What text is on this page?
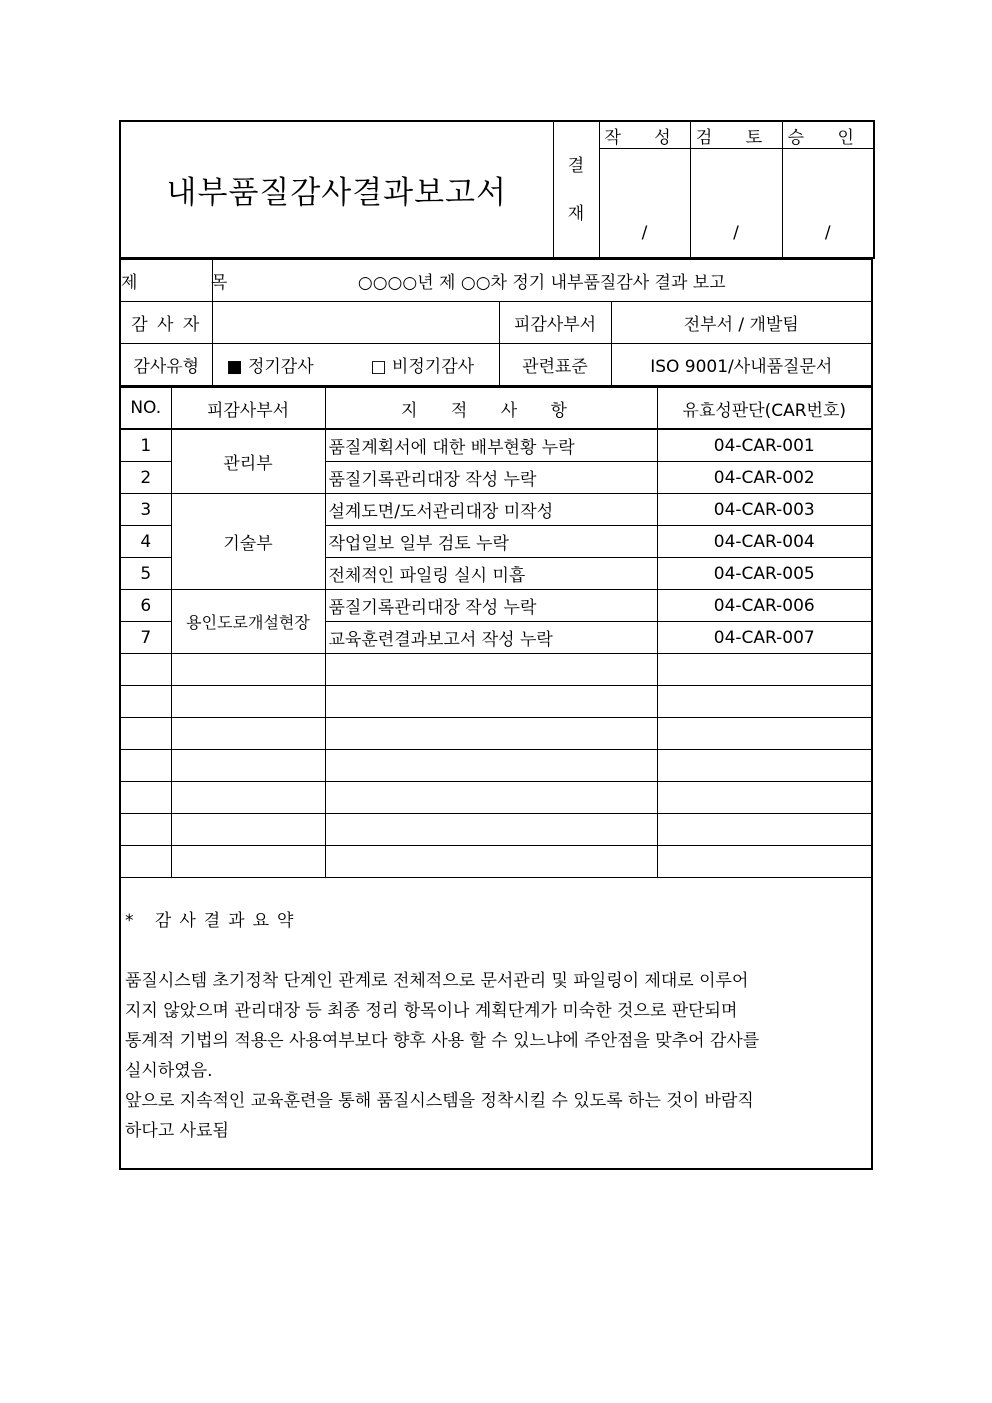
내부품질감사결과보고서	결
재	작 성	검 토	승 인
		/	/	/
제 목	○○○○년 제 ○○차 정기 내부품질감사 결과 보고		
감 사 자		피감사부서	전부서 / 개발팀
감사유형	■ 정기감사 □ 비정기감사	관련표준	ISO 9001/사내품질문서
NO.	피감사부서	지 적 사 항	유효성판단(CAR번호)
1	관리부	품질계획서에 대한 배부현황 누락	04-CAR-001
2		품질기록관리대장 작성 누락	04-CAR-002
3	기술부	설계도면/도서관리대장 미작성	04-CAR-003
4		작업일보 일부 검토 누락	04-CAR-004
5		전체적인 파일링 실시 미흡	04-CAR-005
6	용인도로개설현장	품질기록관리대장 작성 누락	04-CAR-006
7		교육훈련결과보고서 작성 누락	04-CAR-007

* 감사결과요약
품질시스템 초기정착 단계인 관계로 전체적으로 문서관리 및 파일링이 제대로 이루어
지지 않았으며 관리대장 등 최종 정리 항목이나 계획단계가 미숙한 것으로 판단되며
통계적 기법의 적용은 사용여부보다 향후 사용 할 수 있느냐에 주안점을 맞추어 감사를
실시하였음.
앞으로 지속적인 교육훈련을 통해 품질시스템을 정착시킬 수 있도록 하는 것이 바람직
하다고 사료됨
